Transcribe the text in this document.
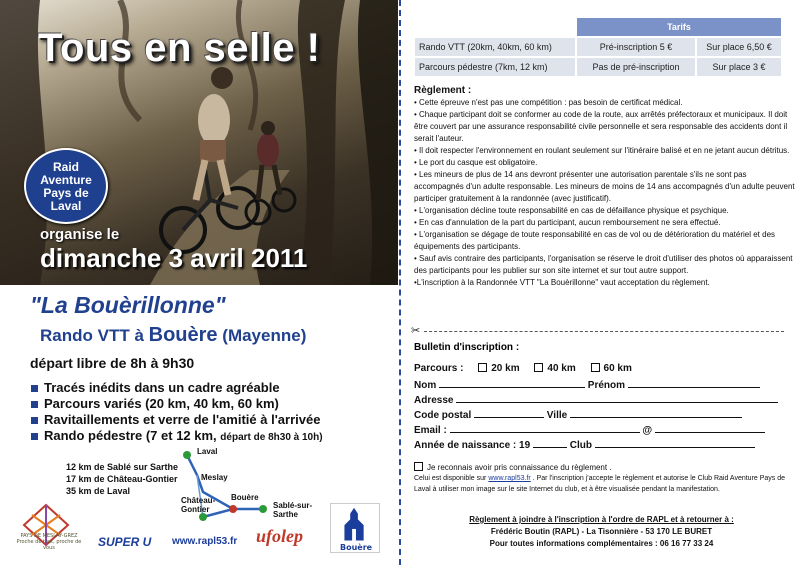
Tous en selle !
Raid
Aventure
Pays de
Laval
organise le
dimanche 3 avril 2011
"La Bouèrillonne"
Rando VTT à Bouère (Mayenne)
départ libre de 8h à 9h30
Tracés inédits dans un cadre agréable
Parcours variés (20 km, 40 km, 60 km)
Ravitaillements et verre de l'amitié à l'arrivée
Rando pédestre (7 et 12 km, départ de 8h30 à 10h)
12 km de Sablé sur Sarthe
17 km de Château-Gontier
35 km de Laval
Laval
Meslay
Château-Gontier
Bouère
Sablé-sur-Sarthe
PAYS DE MESLAY-GREZ
Proche de tout, proche de vous	SUPER U www.rapl53.fr ufolep
Bouère
	Tarifs	
Rando VTT (20km, 40km, 60 km)	Pré-inscription 5 €	Sur place 6,50 €
Parcours pédestre (7km, 12 km)	Pas de pré-inscription	Sur place 3 €
Règlement :

• Cette épreuve n'est pas une compétition : pas besoin de certificat médical.

• Chaque participant doit se conformer au code de la route, aux arrêtés préfectoraux et municipaux. Il doit être couvert par une assurance responsabilité civile personnelle et sera responsable des accidents dont il serait l'auteur.

• Il doit respecter l'environnement en roulant seulement sur l'itinéraire balisé et en ne jetant aucun détritus.

• Le port du casque est obligatoire.

• Les mineurs de plus de 14 ans devront présenter une autorisation parentale s'ils ne sont pas accompagnés d'un adulte responsable. Les mineurs de moins de 14 ans accompagnés d'un adulte peuvent participer gratuitement à la randonnée (avec justificatif).

• L'organisation décline toute responsabilité en cas de défaillance physique et psychique.

• En cas d'annulation de la part du participant, aucun remboursement ne sera effectué.

• L'organisation se dégage de toute responsabilité en cas de vol ou de détérioration du matériel et des équipements des participants.

• Sauf avis contraire des participants, l'organisation se réserve le droit d'utiliser des photos où apparaissent des participants pour les publier sur son site internet et sur tout autre support.

•L'inscription à la Randonnée VTT "La Bouèrillonne" vaut acceptation du règlement.

✂
Bulletin d'inscription :
Parcours :	20 km	40 km	60 km
Nom	Prénom
Adresse
Code postal	Ville
Email :	@
Année de naissance : 19	Club

Je reconnais avoir pris connaissance du règlement .

Celui est disponible sur www.rapl53.fr . Par l'inscription j'accepte le règlement et autorise le Club Raid Aventure Pays de Laval à utiliser mon image sur le site Internet du club, et à être visualisée pendant la manifestation.

Règlement à joindre à l'inscription à l'ordre de RAPL et à retourner à :

Frédéric Boutin (RAPL) - La Tisonnière - 53 170 LE BURET

Pour toutes informations complémentaires : 06 16 77 33 24
